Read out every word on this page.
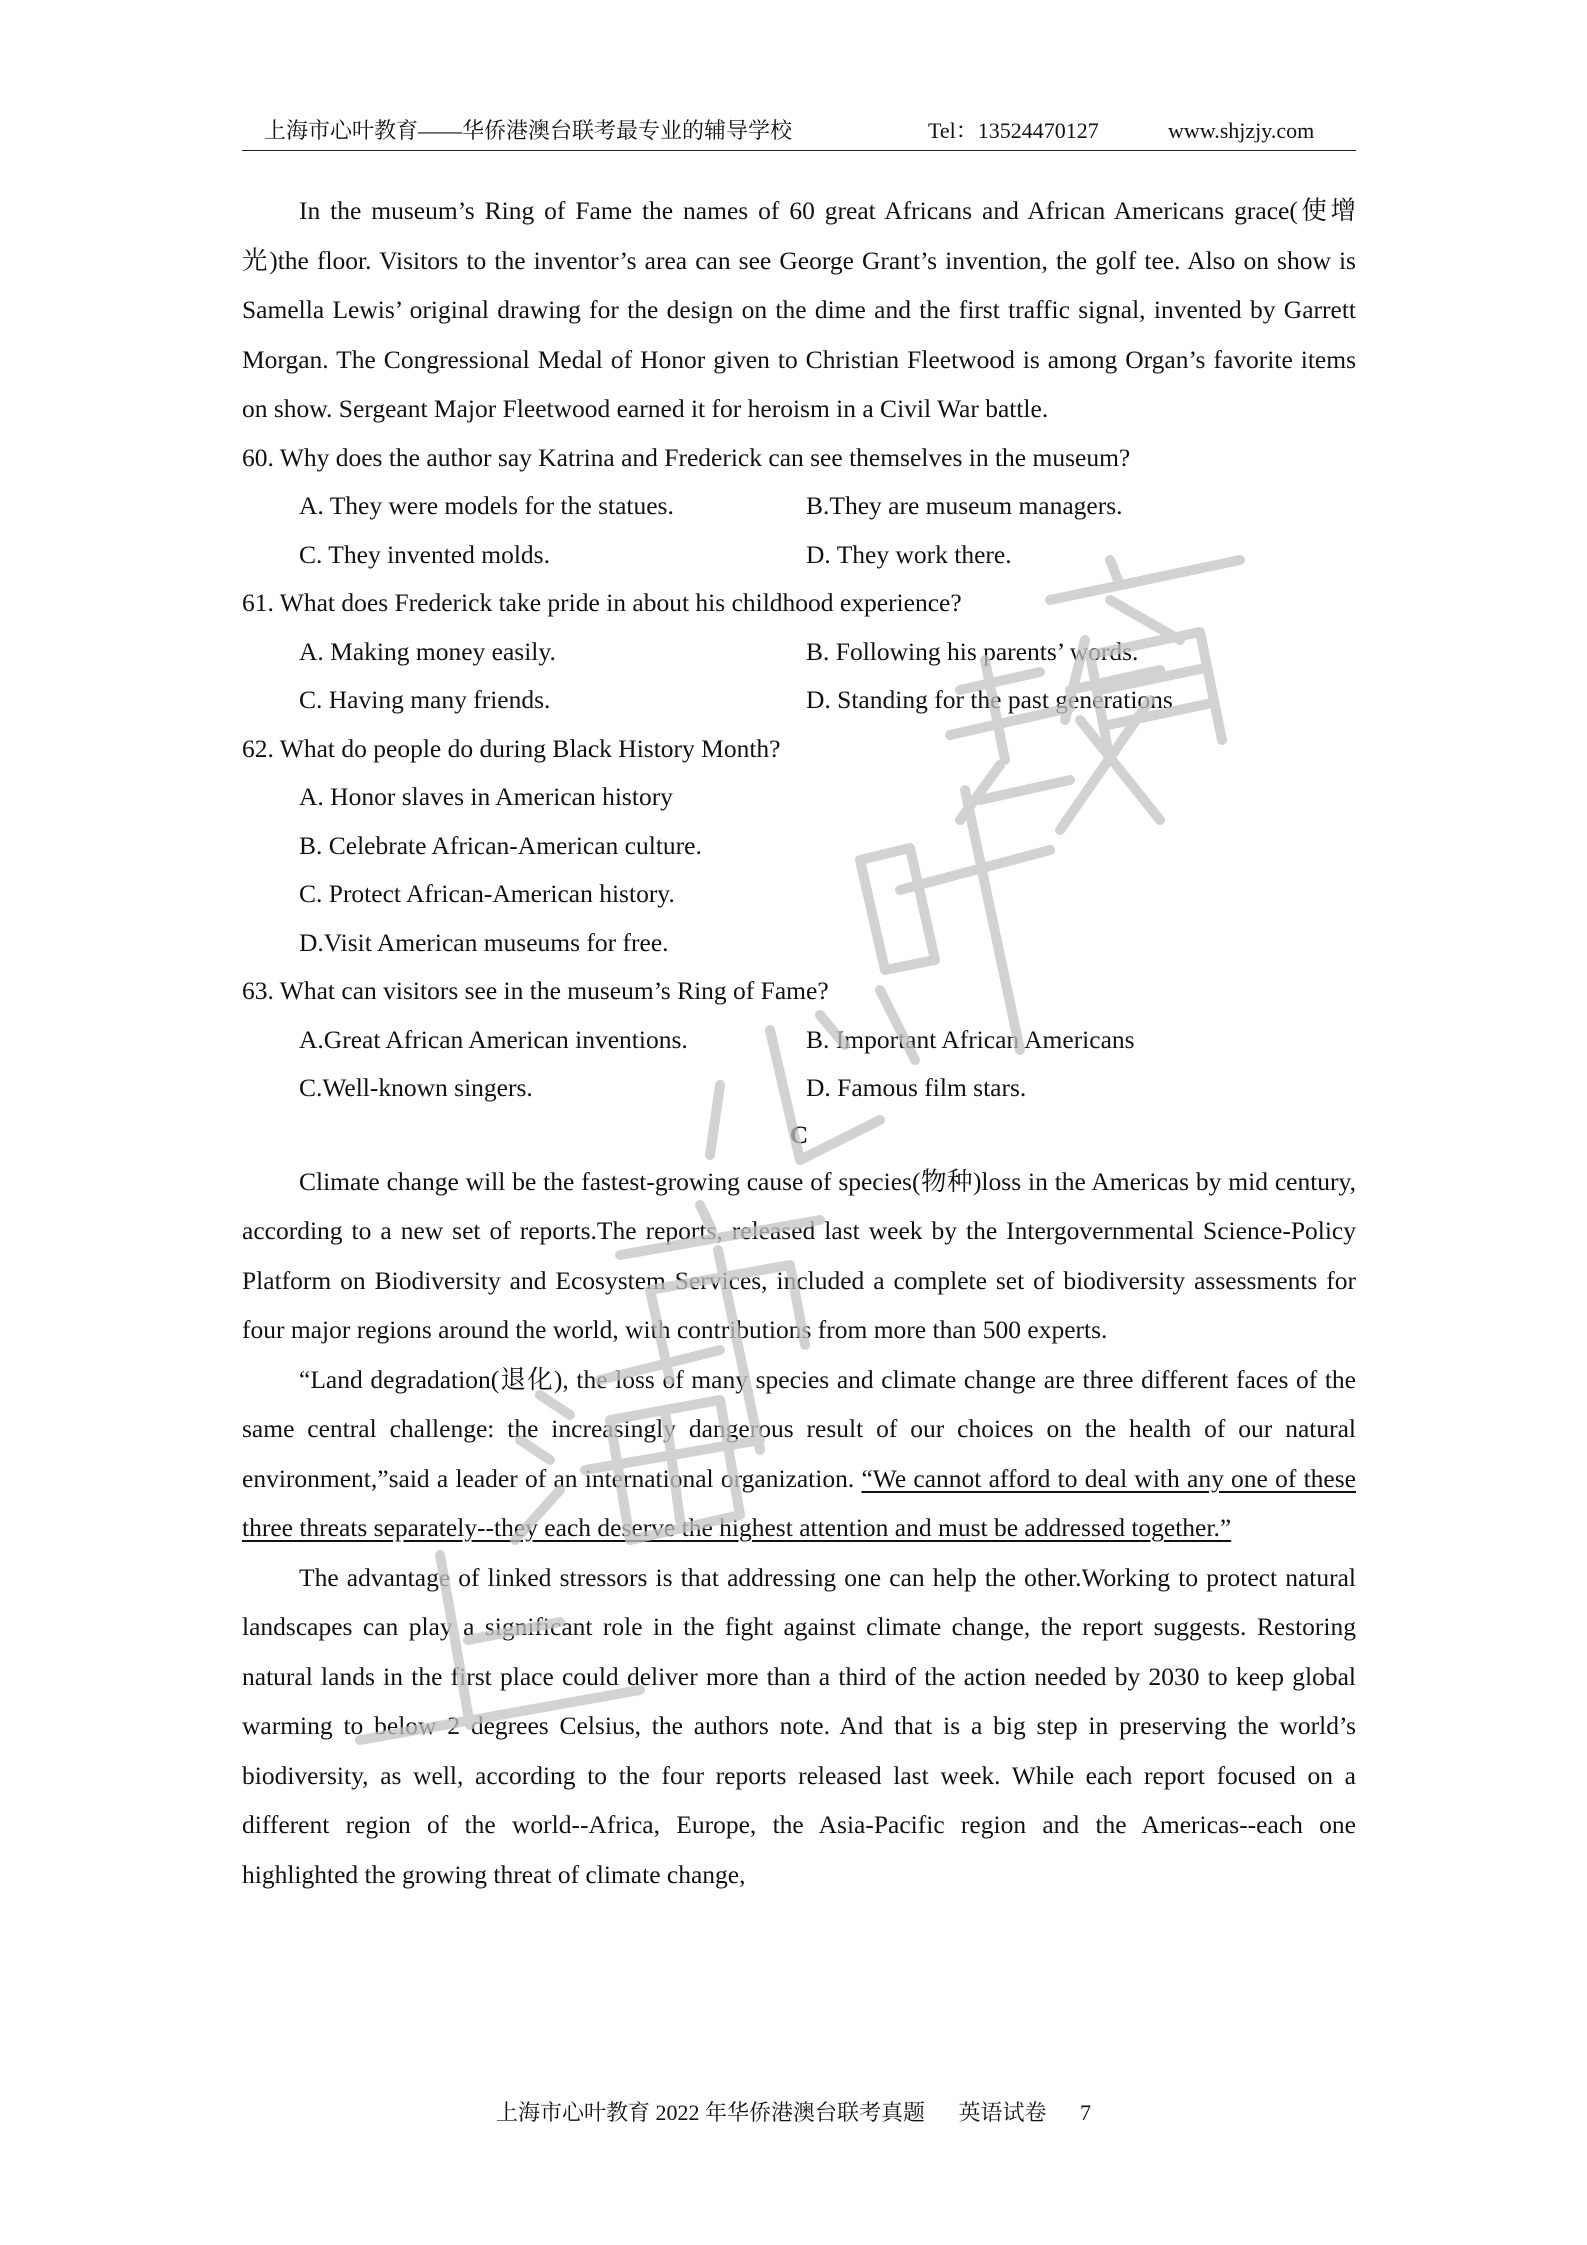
上海市心叶教育——华侨港澳台联考最专业的辅导学校	Tel：13524470127	www.shjzjy.com

In the museum’s Ring of Fame the names of 60 great Africans and African Americans grace(使增光)the floor. Visitors to the inventor’s area can see George Grant’s invention, the golf tee. Also on show is Samella Lewis’ original drawing for the design on the dime and the first traffic signal, invented by Garrett Morgan. The Congressional Medal of Honor given to Christian Fleetwood is among Organ’s favorite items on show. Sergeant Major Fleetwood earned it for heroism in a Civil War battle.

60. Why does the author say Katrina and Frederick can see themselves in the museum?

A. They were models for the statues.	B.They are museum managers.
C. They invented molds.	D. They work there.

61. What does Frederick take pride in about his childhood experience?

A. Making money easily.	B. Following his parents’ words.
C. Having many friends.	D. Standing for the past generations

62. What do people do during Black History Month?

A. Honor slaves in American history

B. Celebrate African-American culture.

C. Protect African-American history.

D.Visit American museums for free.

63. What can visitors see in the museum’s Ring of Fame?

A.Great African American inventions.	B. Important African Americans
C.Well-known singers.	D. Famous film stars.

C

Climate change will be the fastest-growing cause of species(物种)loss in the Americas by mid century, according to a new set of reports.The reports, released last week by the Intergovernmental Science-Policy Platform on Biodiversity and Ecosystem Services, included a complete set of biodiversity assessments for four major regions around the world, with contributions from more than 500 experts.

“Land degradation(退化), the loss of many species and climate change are three different faces of the same central challenge: the increasingly dangerous result of our choices on the health of our natural environment,”said a leader of an international organization. “We cannot afford to deal with any one of these three threats separately--they each deserve the highest attention and must be addressed together.”

The advantage of linked stressors is that addressing one can help the other.Working to protect natural landscapes can play a significant role in the fight against climate change, the report suggests. Restoring natural lands in the first place could deliver more than a third of the action needed by 2030 to keep global warming to below 2 degrees Celsius, the authors note. And that is a big step in preserving the world’s biodiversity, as well, according to the four reports released last week. While each report focused on a different region of the world--Africa, Europe, the Asia-Pacific region and the Americas--each one highlighted the growing threat of climate change,

上海市心叶教育 2022 年华侨港澳台联考真题 英语试卷 7
